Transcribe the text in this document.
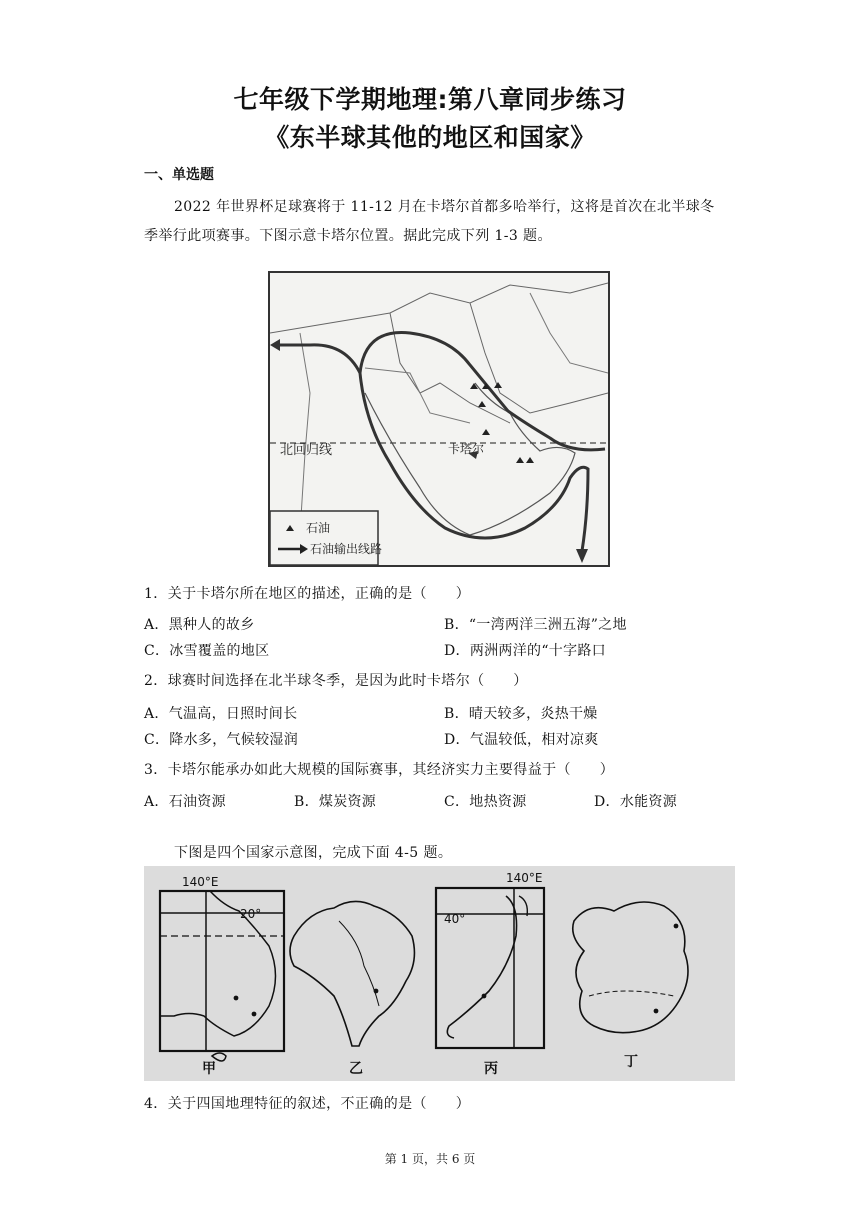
七年级下学期地理:第八章同步练习
《东半球其他的地区和国家》
一、单选题
2022 年世界杯足球赛将于 11-12 月在卡塔尔首都多哈举行，这将是首次在北半球冬季举行此项赛事。下图示意卡塔尔位置。据此完成下列 1-3 题。
北回归线	卡塔尔
石油
石油输出线路
1．关于卡塔尔所在地区的描述，正确的是（　　）
A．黑种人的故乡	B．“一湾两洋三洲五海”之地
C．冰雪覆盖的地区	D．两洲两洋的“十字路口
2．球赛时间选择在北半球冬季，是因为此时卡塔尔（　　）
A．气温高，日照时间长	B．晴天较多，炎热干燥
C．降水多，气候较湿润	D．气温较低，相对凉爽
3．卡塔尔能承办如此大规模的国际赛事，其经济实力主要得益于（　　）
A．石油资源	B．煤炭资源	C．地热资源	D．水能资源
下图是四个国家示意图，完成下面 4-5 题。
140°E
20°
甲	乙
140°E
40°
丙	丁
4．关于四国地理特征的叙述，不正确的是（　　）
第 1 页，共 6 页
